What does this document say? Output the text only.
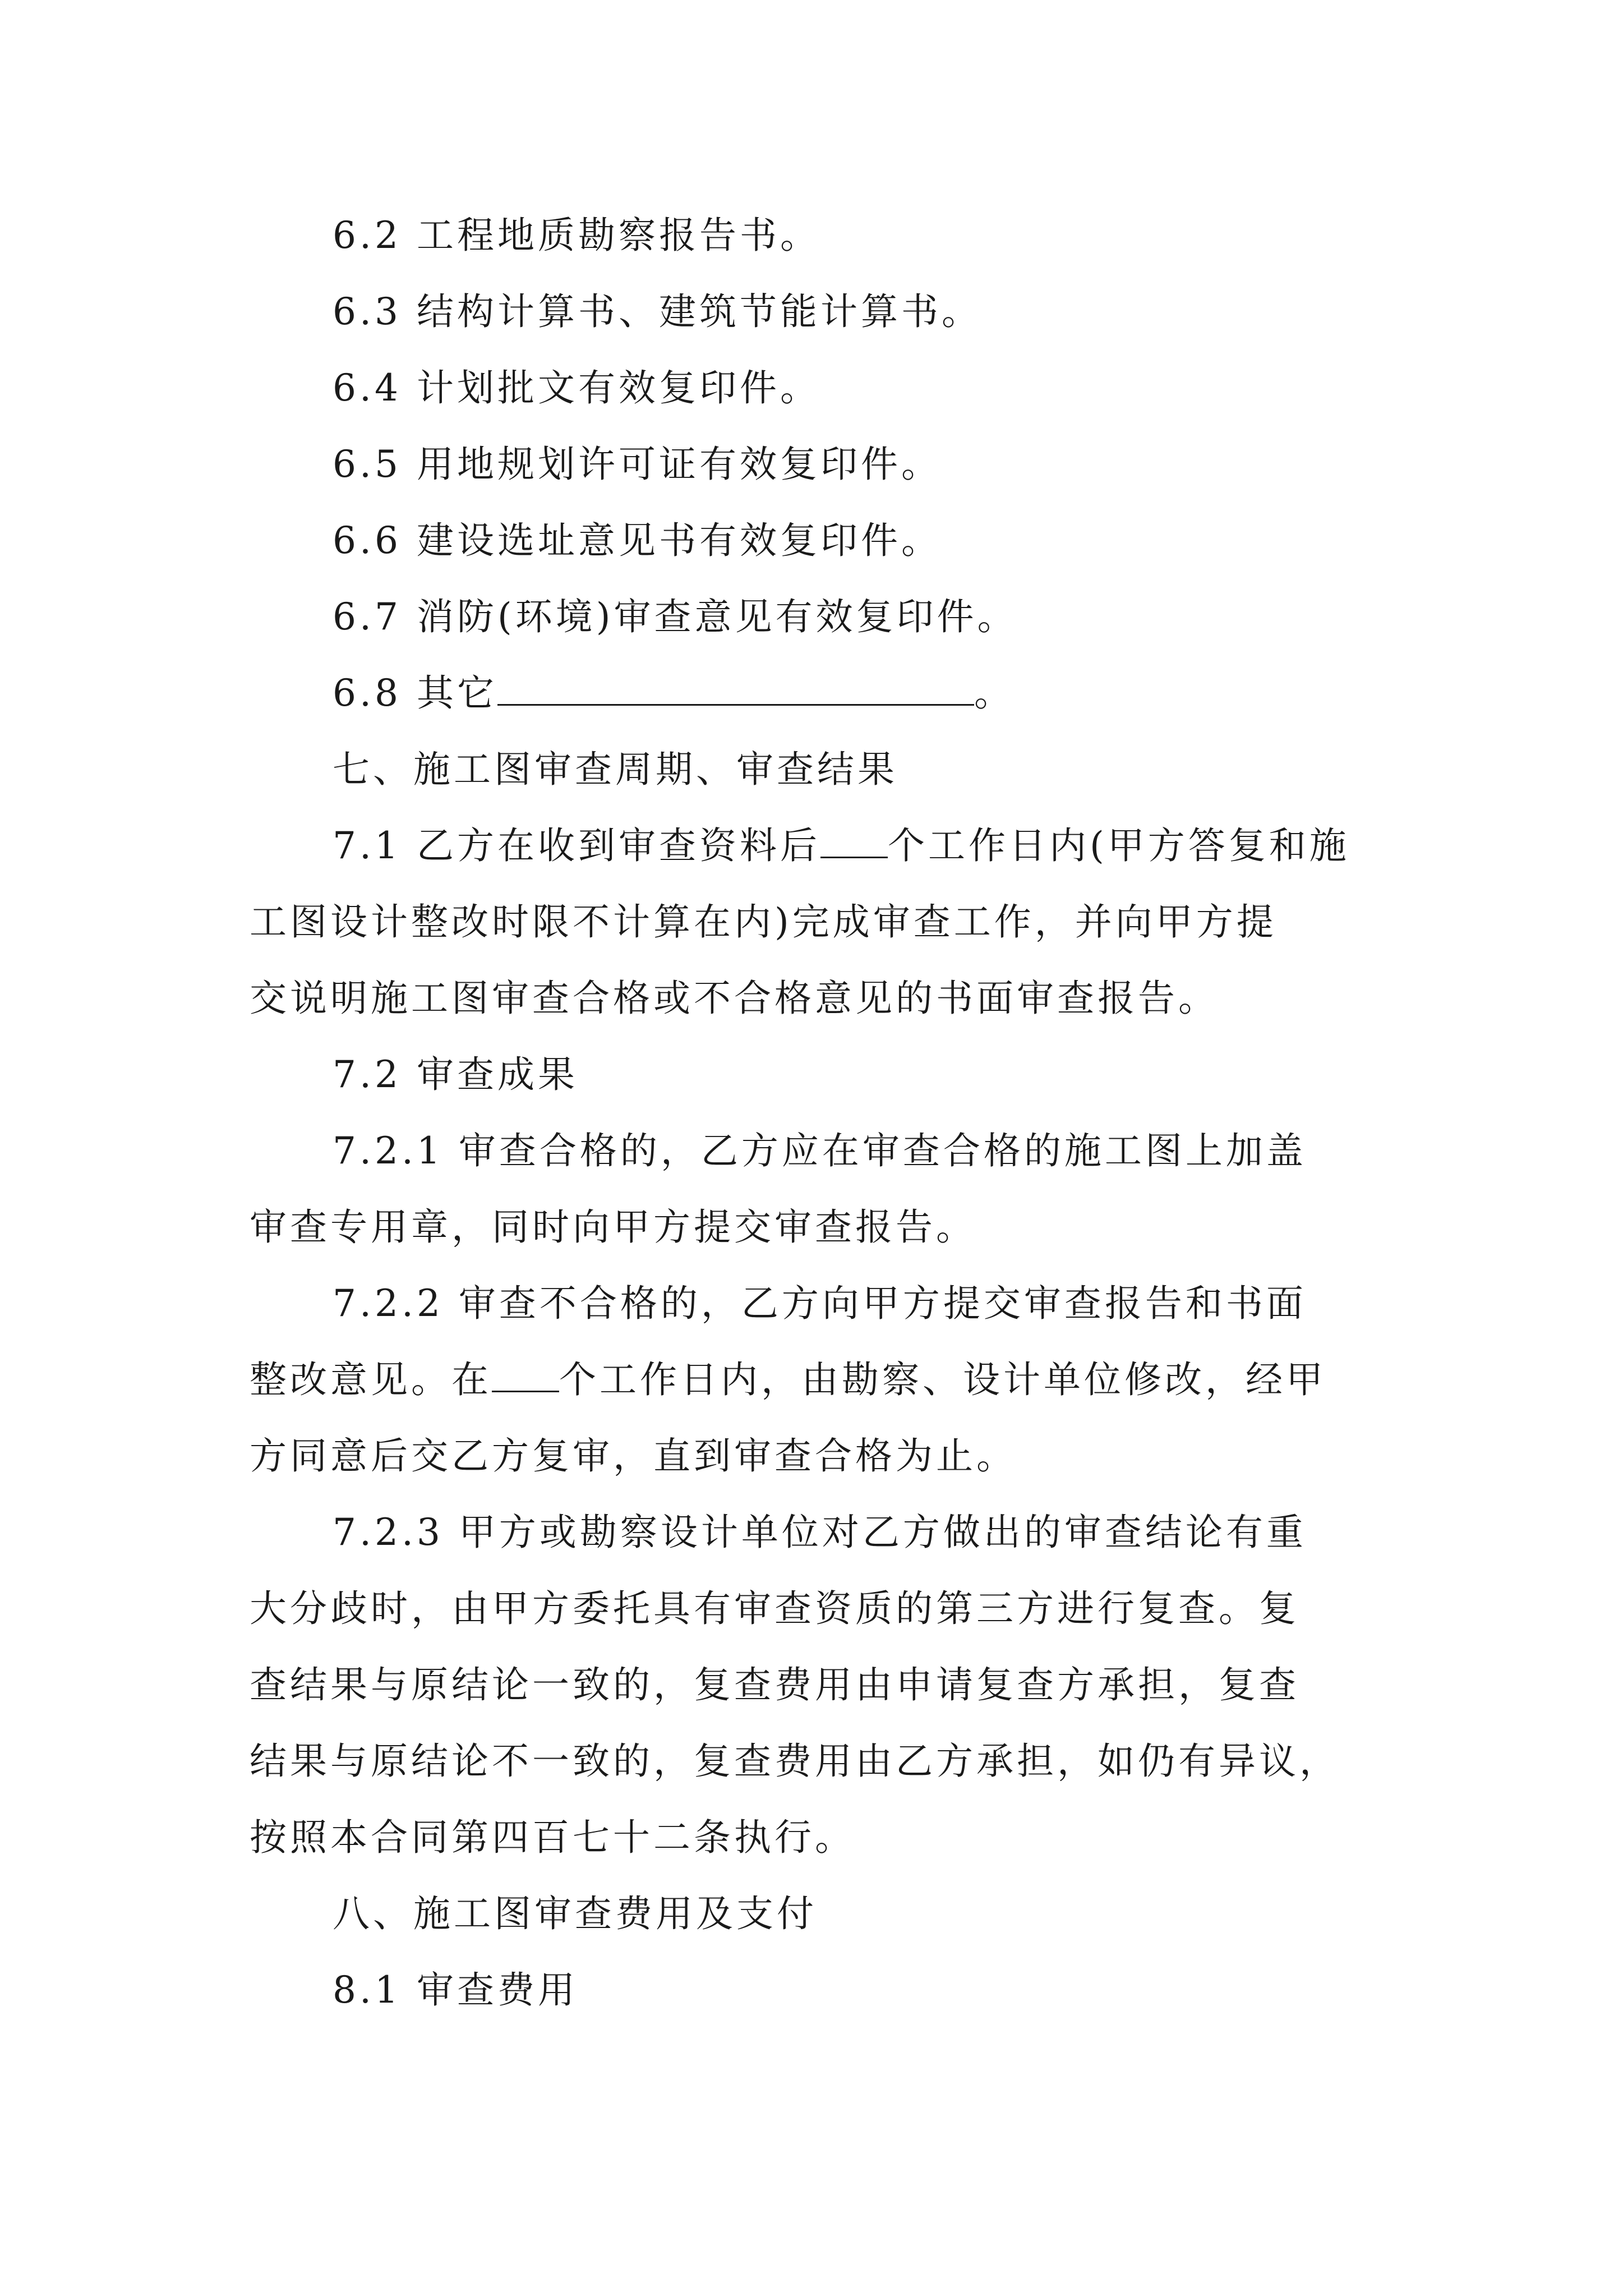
6.2 工程地质勘察报告书。

6.3 结构计算书、建筑节能计算书。

6.4 计划批文有效复印件。

6.5 用地规划许可证有效复印件。

6.6 建设选址意见书有效复印件。

6.7 消防(环境)审查意见有效复印件。

6.8 其它	。

七、施工图审查周期、审查结果

7.1 乙方在收到审查资料后 个工作日内(甲方答复和施
工图设计整改时限不计算在内)完成审查工作，并向甲方提
交说明施工图审查合格或不合格意见的书面审查报告。

7.2 审查成果

7.2.1 审查合格的，乙方应在审查合格的施工图上加盖
审查专用章，同时向甲方提交审查报告。

7.2.2 审查不合格的，乙方向甲方提交审查报告和书面
整改意见。在 个工作日内，由勘察、设计单位修改，经甲
方同意后交乙方复审，直到审查合格为止。

7.2.3 甲方或勘察设计单位对乙方做出的审查结论有重
大分歧时，由甲方委托具有审查资质的第三方进行复查。复
查结果与原结论一致的，复查费用由申请复查方承担，复查
结果与原结论不一致的，复查费用由乙方承担，如仍有异议，
按照本合同第四百七十二条执行。

八、施工图审查费用及支付

8.1 审查费用
